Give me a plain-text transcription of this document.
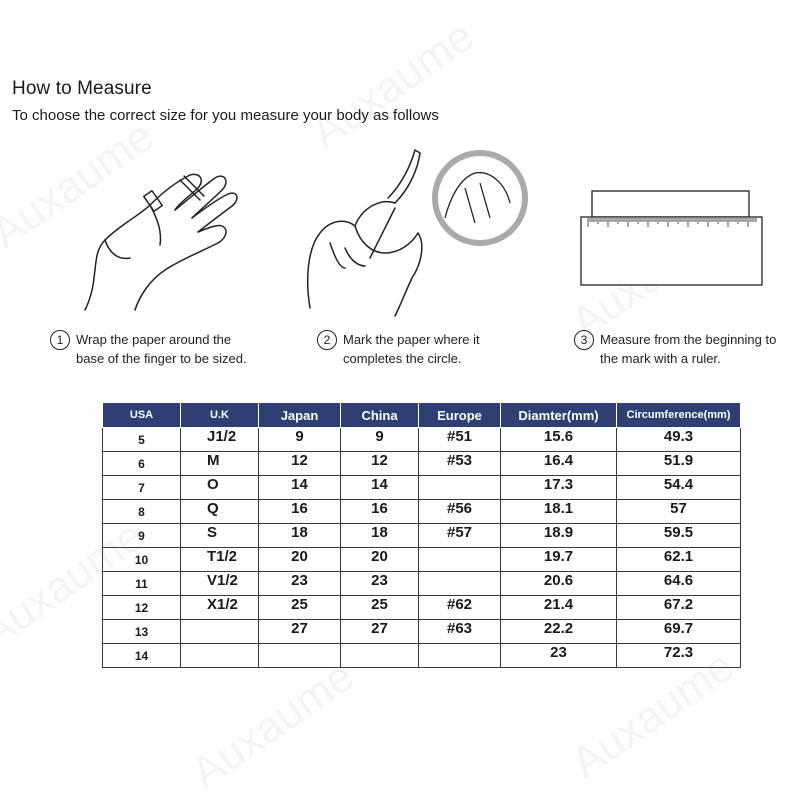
How to Measure
To choose the correct size for you measure your body as follows
1 Wrap the paper around the
base of the finger to be sized.
2 Mark the paper where it
completes the circle.
3 Measure from the beginning to
the mark with a ruler.
USA	U.K	Japan	China	Europe	Diamter(mm)	Circumference(mm)
5	J1/2	9	9	#51	15.6	49.3
6	M	12	12	#53	16.4	51.9
7	O	14	14		17.3	54.4
8	Q	16	16	#56	18.1	57
9	S	18	18	#57	18.9	59.5
10	T1/2	20	20		19.7	62.1
11	V1/2	23	23		20.6	64.6
12	X1/2	25	25	#62	21.4	67.2
13		27	27	#63	22.2	69.7
14					23	72.3
